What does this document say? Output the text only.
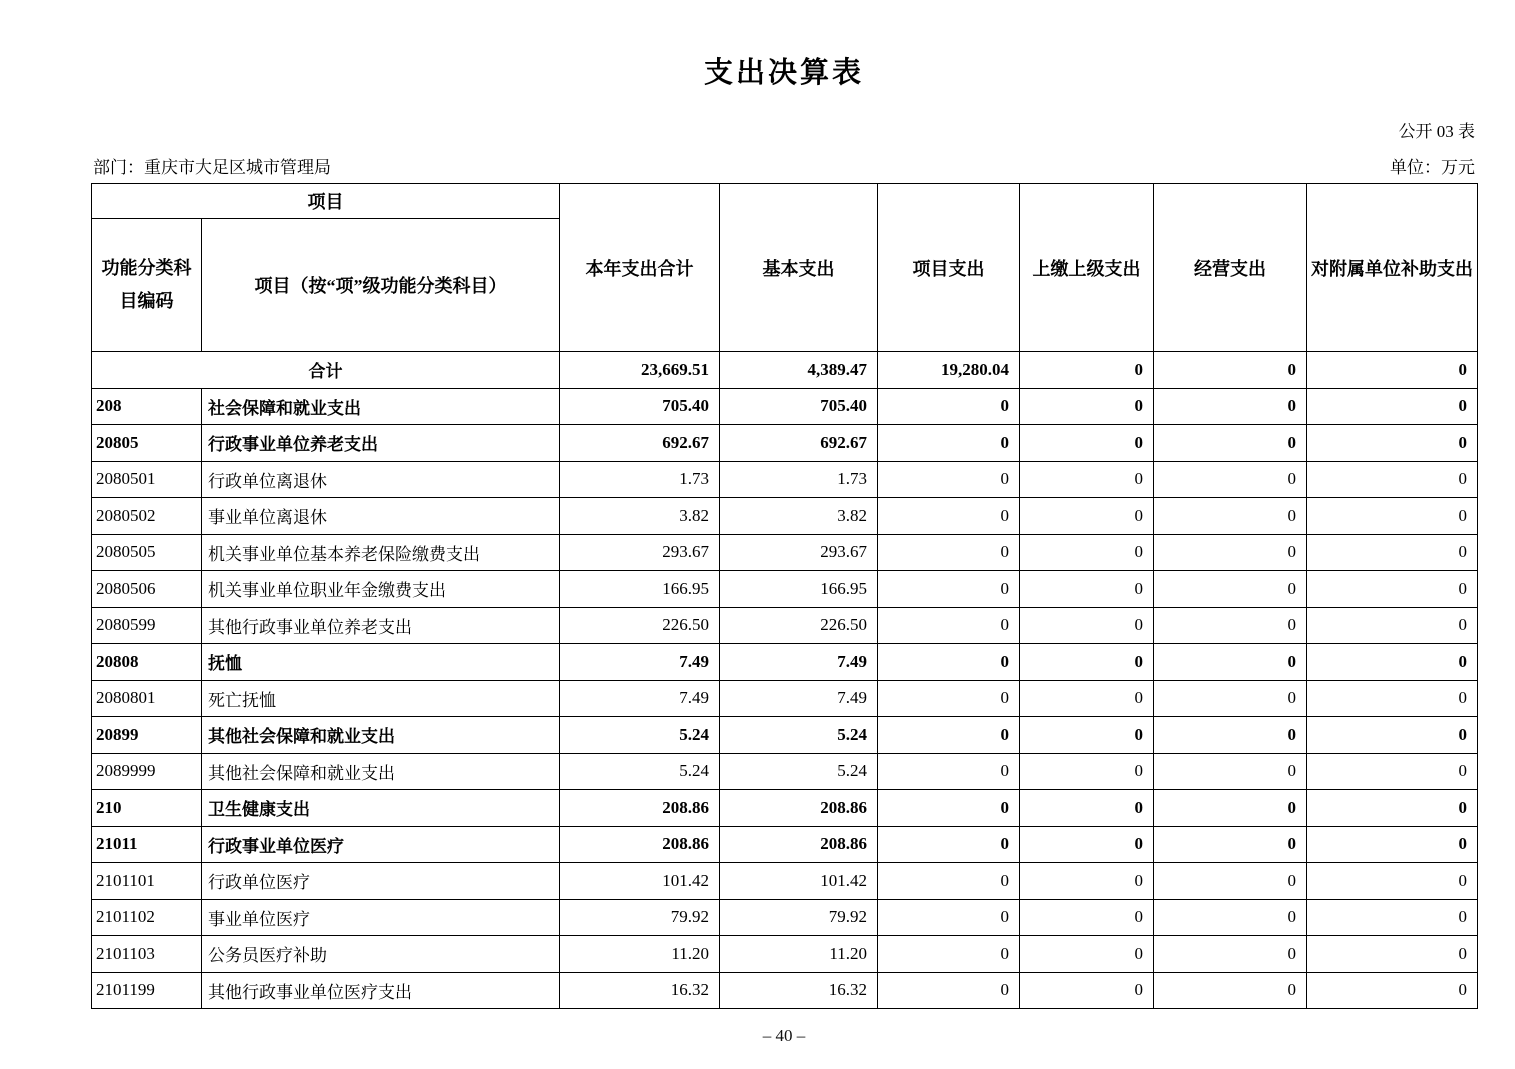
支出决算表
公开 03 表
部门：重庆市大足区城市管理局	单位：万元
项目		本年支出合计	基本支出	项目支出	上缴上级支出	经营支出	对附属单位补助支出
功能分类科目编码	项目（按“项”级功能分类科目）						
合计		23,669.51	4,389.47	19,280.04	0	0	0
208	社会保障和就业支出	705.40	705.40	0	0	0	0
20805	行政事业单位养老支出	692.67	692.67	0	0	0	0
2080501	行政单位离退休	1.73	1.73	0	0	0	0
2080502	事业单位离退休	3.82	3.82	0	0	0	0
2080505	机关事业单位基本养老保险缴费支出	293.67	293.67	0	0	0	0
2080506	机关事业单位职业年金缴费支出	166.95	166.95	0	0	0	0
2080599	其他行政事业单位养老支出	226.50	226.50	0	0	0	0
20808	抚恤	7.49	7.49	0	0	0	0
2080801	死亡抚恤	7.49	7.49	0	0	0	0
20899	其他社会保障和就业支出	5.24	5.24	0	0	0	0
2089999	其他社会保障和就业支出	5.24	5.24	0	0	0	0
210	卫生健康支出	208.86	208.86	0	0	0	0
21011	行政事业单位医疗	208.86	208.86	0	0	0	0
2101101	行政单位医疗	101.42	101.42	0	0	0	0
2101102	事业单位医疗	79.92	79.92	0	0	0	0
2101103	公务员医疗补助	11.20	11.20	0	0	0	0
2101199	其他行政事业单位医疗支出	16.32	16.32	0	0	0	0
– 40 –
